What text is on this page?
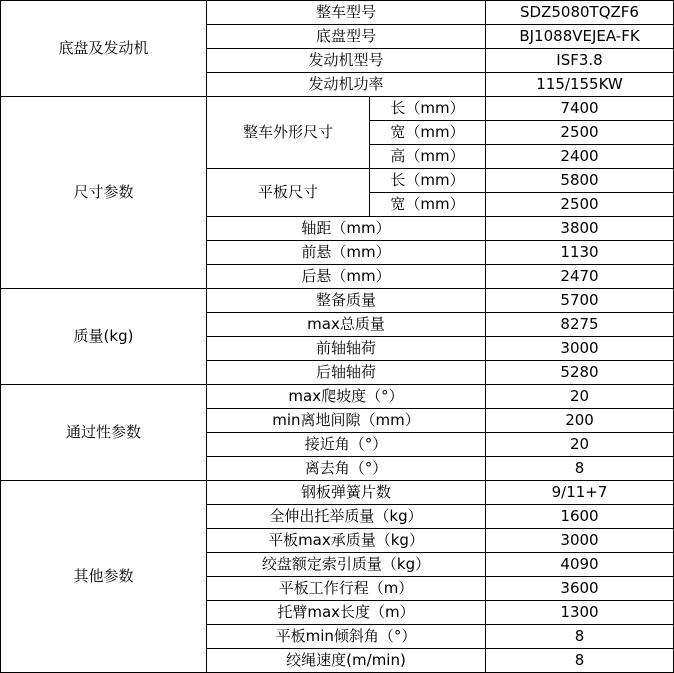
底盘及发动机	整车型号		SDZ5080TQZF6
	底盘型号		BJ1088VEJEA-FK
	发动机型号		ISF3.8
	发动机功率		115/155KW
尺寸参数	整车外形尺寸	长（mm）	7400
		宽（mm）	2500
		高（mm）	2400
	平板尺寸	长（mm）	5800
		宽（mm）	2500
	轴距（mm）		3800
	前悬（mm）		1130
	后悬（mm）		2470
质量(kg)	整备质量		5700
	max总质量		8275
	前轴轴荷		3000
	后轴轴荷		5280
通过性参数	max爬坡度（°）		20
	min离地间隙（mm）		200
	接近角（°）		20
	离去角（°）		8
其他参数	钢板弹簧片数		9/11+7
	全伸出托举质量（kg）		1600
	平板max承质量（kg）		3000
	绞盘额定索引质量（kg）		4090
	平板工作行程（m）		3600
	托臂max长度（m）		1300
	平板min倾斜角（°）		8
	绞绳速度(m/min)		8
